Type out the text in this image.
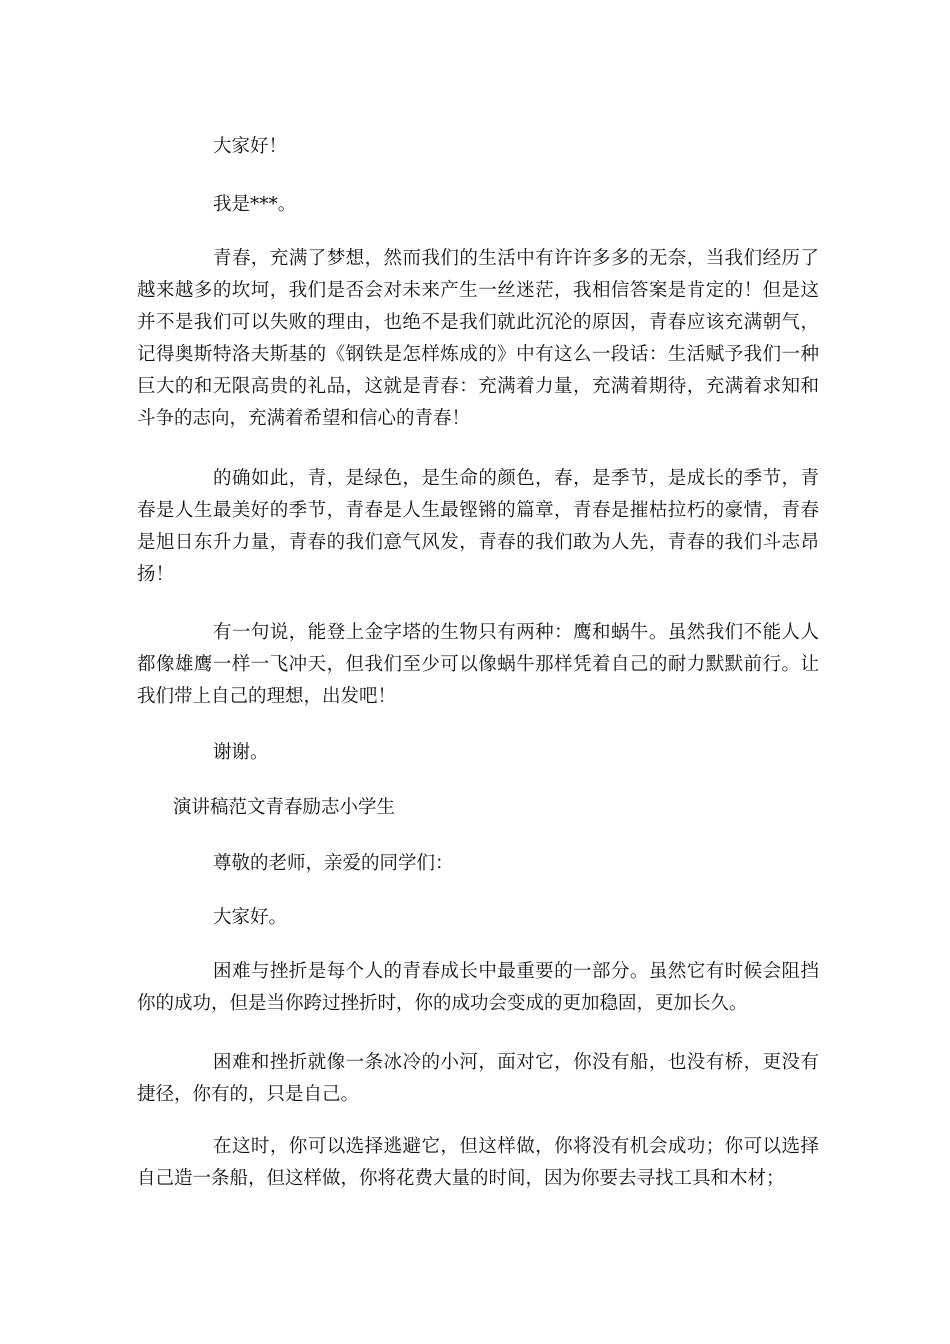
大家好！

我是***。

青春，充满了梦想，然而我们的生活中有许许多多的无奈，当我们经历了越来越多的坎坷，我们是否会对未来产生一丝迷茫，我相信答案是肯定的！但是这并不是我们可以失败的理由，也绝不是我们就此沉沦的原因，青春应该充满朝气，记得奥斯特洛夫斯基的《钢铁是怎样炼成的》中有这么一段话：生活赋予我们一种巨大的和无限高贵的礼品，这就是青春：充满着力量，充满着期待，充满着求知和斗争的志向，充满着希望和信心的青春！

的确如此，青，是绿色，是生命的颜色，春，是季节，是成长的季节，青春是人生最美好的季节，青春是人生最铿锵的篇章，青春是摧枯拉朽的豪情，青春是旭日东升力量，青春的我们意气风发，青春的我们敢为人先，青春的我们斗志昂扬！

有一句说，能登上金字塔的生物只有两种：鹰和蜗牛。虽然我们不能人人都像雄鹰一样一飞冲天，但我们至少可以像蜗牛那样凭着自己的耐力默默前行。让我们带上自己的理想，出发吧！

谢谢。

演讲稿范文青春励志小学生

尊敬的老师，亲爱的同学们：

大家好。

困难与挫折是每个人的青春成长中最重要的一部分。虽然它有时候会阻挡你的成功，但是当你跨过挫折时，你的成功会变成的更加稳固，更加长久。

困难和挫折就像一条冰冷的小河，面对它，你没有船，也没有桥，更没有捷径，你有的，只是自己。

在这时，你可以选择逃避它，但这样做，你将没有机会成功；你可以选择自己造一条船，但这样做，你将花费大量的时间，因为你要去寻找工具和木材；
